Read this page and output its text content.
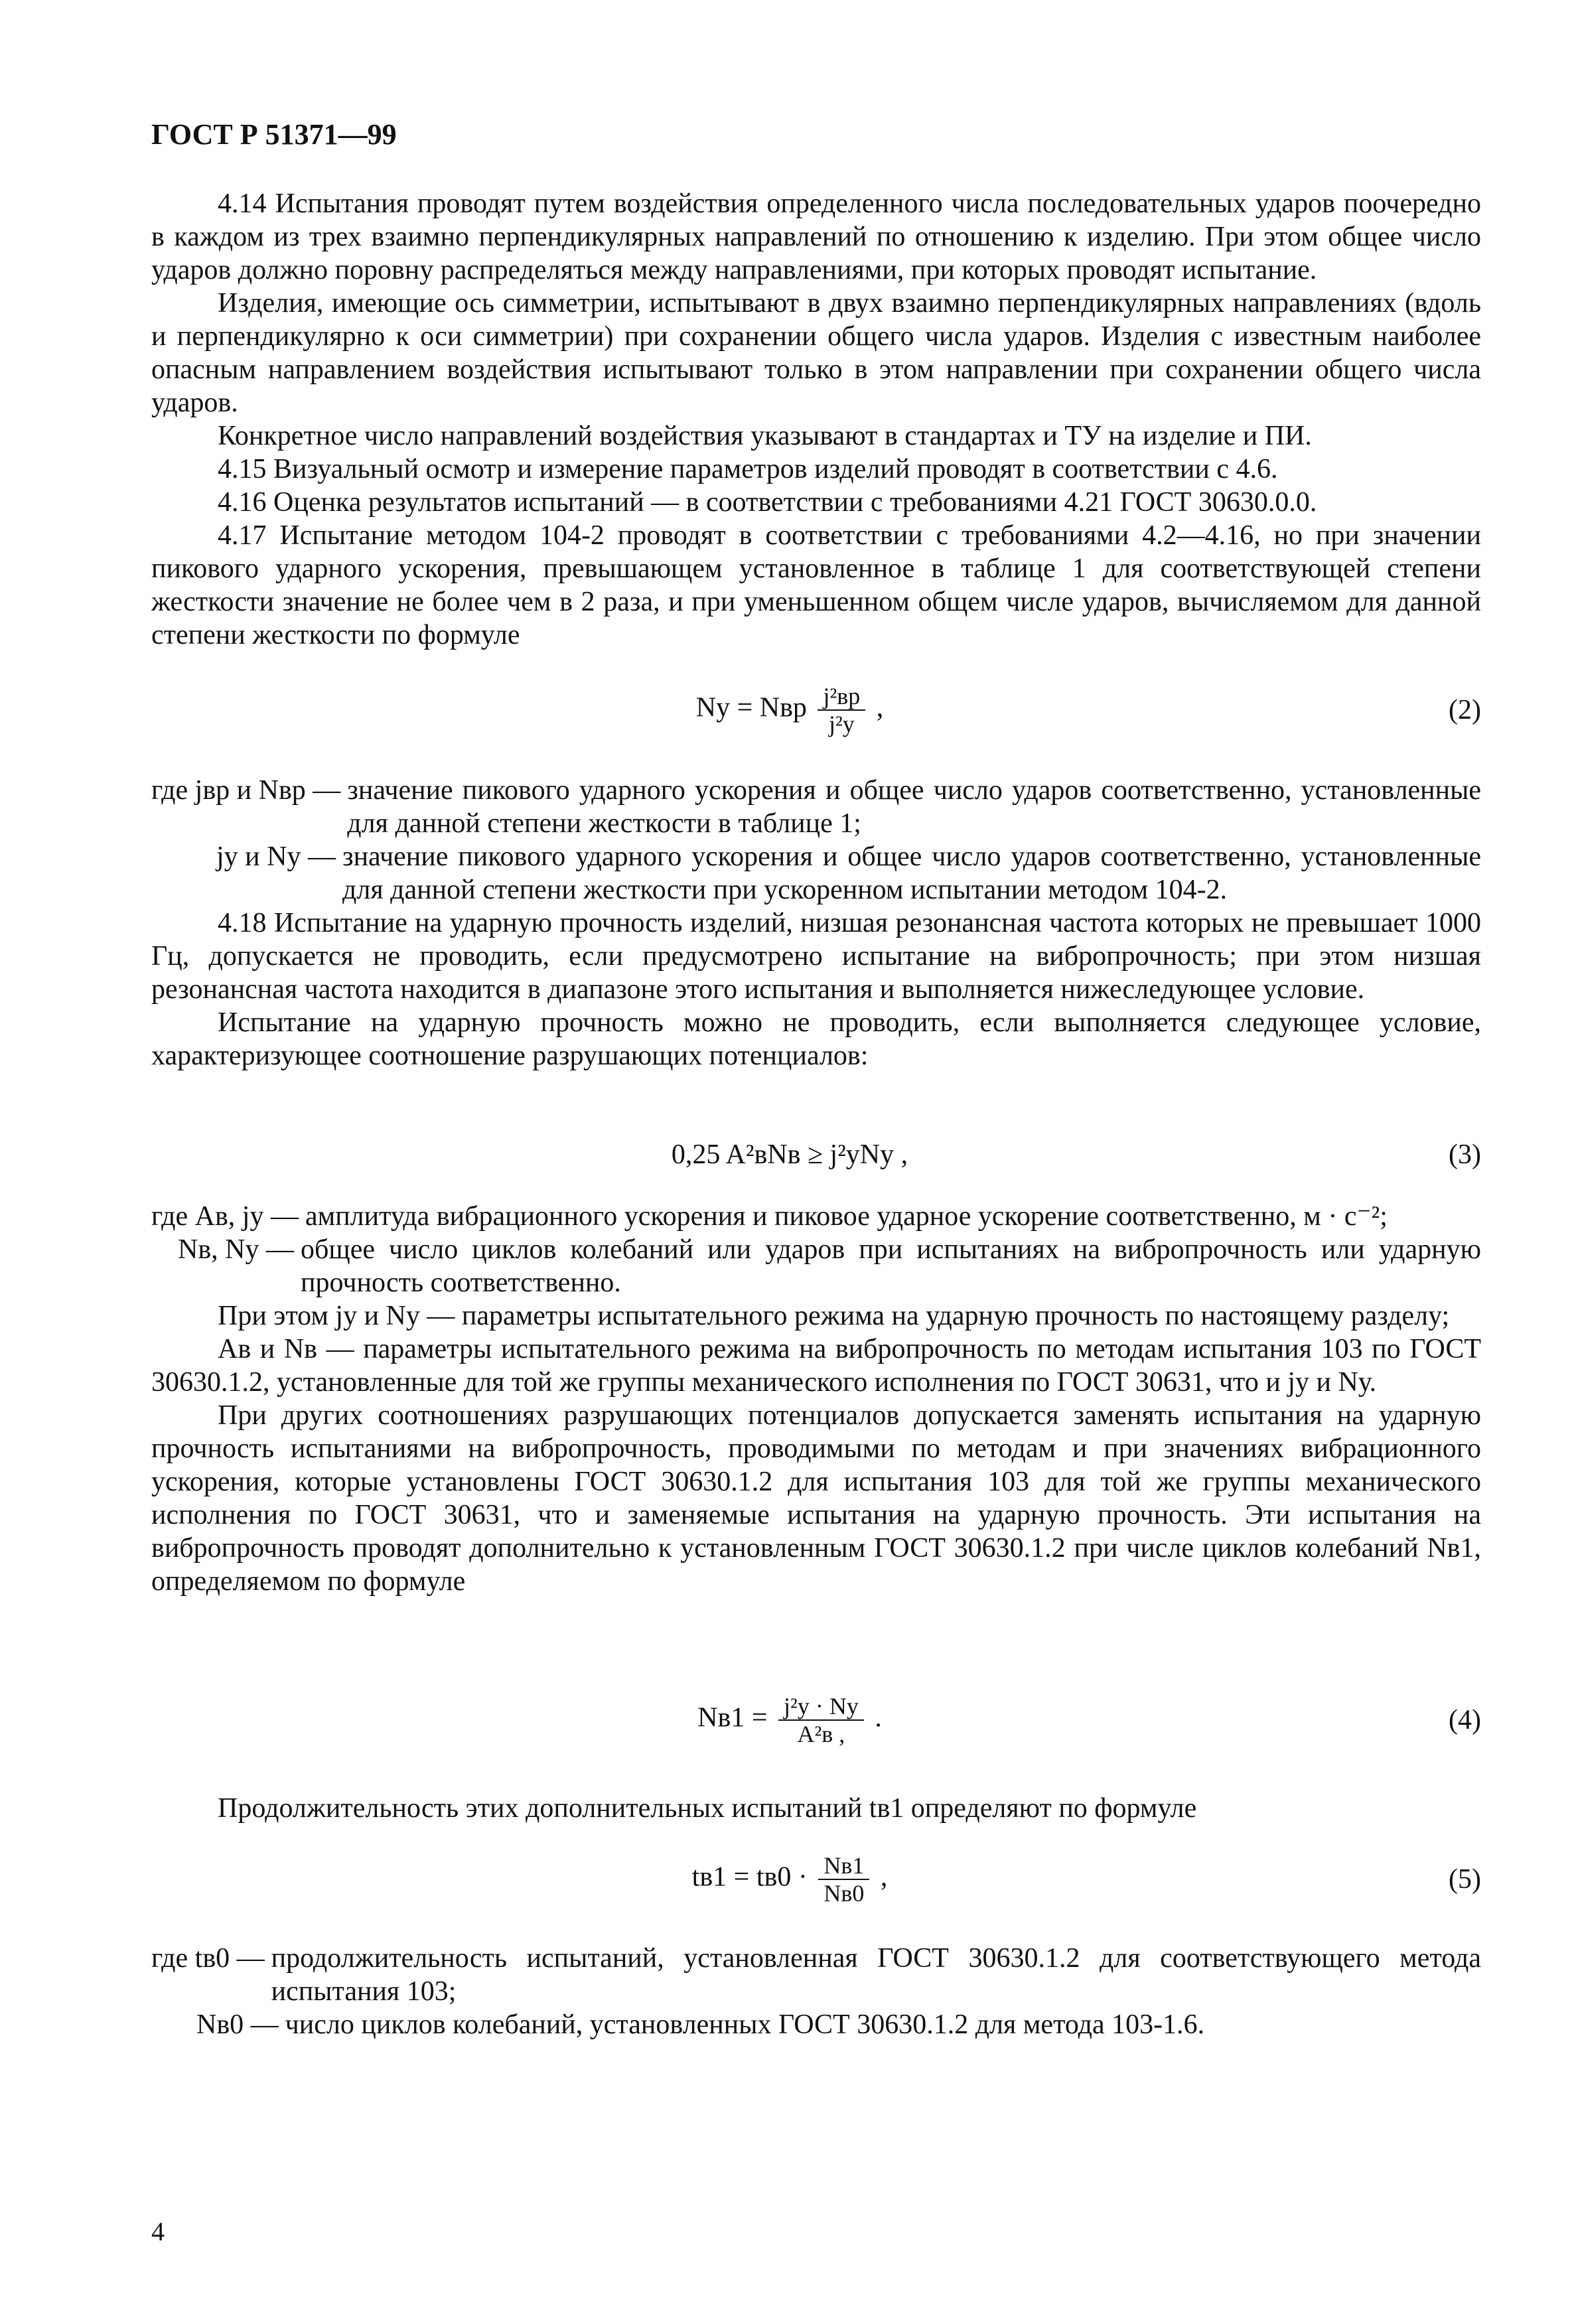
ГОСТ Р 51371—99

4.14 Испытания проводят путем воздействия определенного числа последовательных ударов поочередно в каждом из трех взаимно перпендикулярных направлений по отношению к изделию. При этом общее число ударов должно поровну распределяться между направлениями, при которых проводят испытание.

Изделия, имеющие ось симметрии, испытывают в двух взаимно перпендикулярных направлениях (вдоль и перпендикулярно к оси симметрии) при сохранении общего числа ударов. Изделия с известным наиболее опасным направлением воздействия испытывают только в этом направлении при сохранении общего числа ударов.

Конкретное число направлений воздействия указывают в стандартах и ТУ на изделие и ПИ.

4.15 Визуальный осмотр и измерение параметров изделий проводят в соответствии с 4.6.

4.16 Оценка результатов испытаний — в соответствии с требованиями 4.21 ГОСТ 30630.0.0.

4.17 Испытание методом 104-2 проводят в соответствии с требованиями 4.2—4.16, но при значении пикового ударного ускорения, превышающем установленное в таблице 1 для соответствующей степени жесткости значение не более чем в 2 раза, и при уменьшенном общем числе ударов, вычисляемом для данной степени жесткости по формуле

Nу = Nвр $\frac{\text{j²вр}}{\text{j²у}}$ ,	(2)
где jвр и Nвр — значение пикового ударного ускорения и общее число ударов соответственно, установленные для данной степени жесткости в таблице 1;
jу и Nу — значение пикового ударного ускорения и общее число ударов соответственно, установленные для данной степени жесткости при ускоренном испытании методом 104-2.

4.18 Испытание на ударную прочность изделий, низшая резонансная частота которых не превышает 1000 Гц, допускается не проводить, если предусмотрено испытание на вибропрочность; при этом низшая резонансная частота находится в диапазоне этого испытания и выполняется нижеследующее условие.

Испытание на ударную прочность можно не проводить, если выполняется следующее условие, характеризующее соотношение разрушающих потенциалов:

0,25 A²вNв ≥ j²уNу ,	(3)
где Aв, jу — амплитуда вибрационного ускорения и пиковое ударное ускорение соответственно, м · с⁻²;
Nв, Nу — общее число циклов колебаний или ударов при испытаниях на вибропрочность или ударную прочность соответственно.

При этом jу и Nу — параметры испытательного режима на ударную прочность по настоящему разделу;

Aв и Nв — параметры испытательного режима на вибропрочность по методам испытания 103 по ГОСТ 30630.1.2, установленные для той же группы механического исполнения по ГОСТ 30631, что и jу и Nу.

При других соотношениях разрушающих потенциалов допускается заменять испытания на ударную прочность испытаниями на вибропрочность, проводимыми по методам и при значениях вибрационного ускорения, которые установлены ГОСТ 30630.1.2 для испытания 103 для той же группы механического исполнения по ГОСТ 30631, что и заменяемые испытания на ударную прочность. Эти испытания на вибропрочность проводят дополнительно к установленным ГОСТ 30630.1.2 при числе циклов колебаний Nв1, определяемом по формуле

$Nв1 = \frac{\text{j²у · Nу}}{\text{A²в ,}}$ .	(4)

Продолжительность этих дополнительных испытаний tв1 определяют по формуле

$tв1 = tв0 \cdot \frac{Nв1}{Nв0}$ ,	(5)
где tв0 — продолжительность испытаний, установленная ГОСТ 30630.1.2 для соответствующего метода испытания 103;
Nв0 — число циклов колебаний, установленных ГОСТ 30630.1.2 для метода 103-1.6.
4
